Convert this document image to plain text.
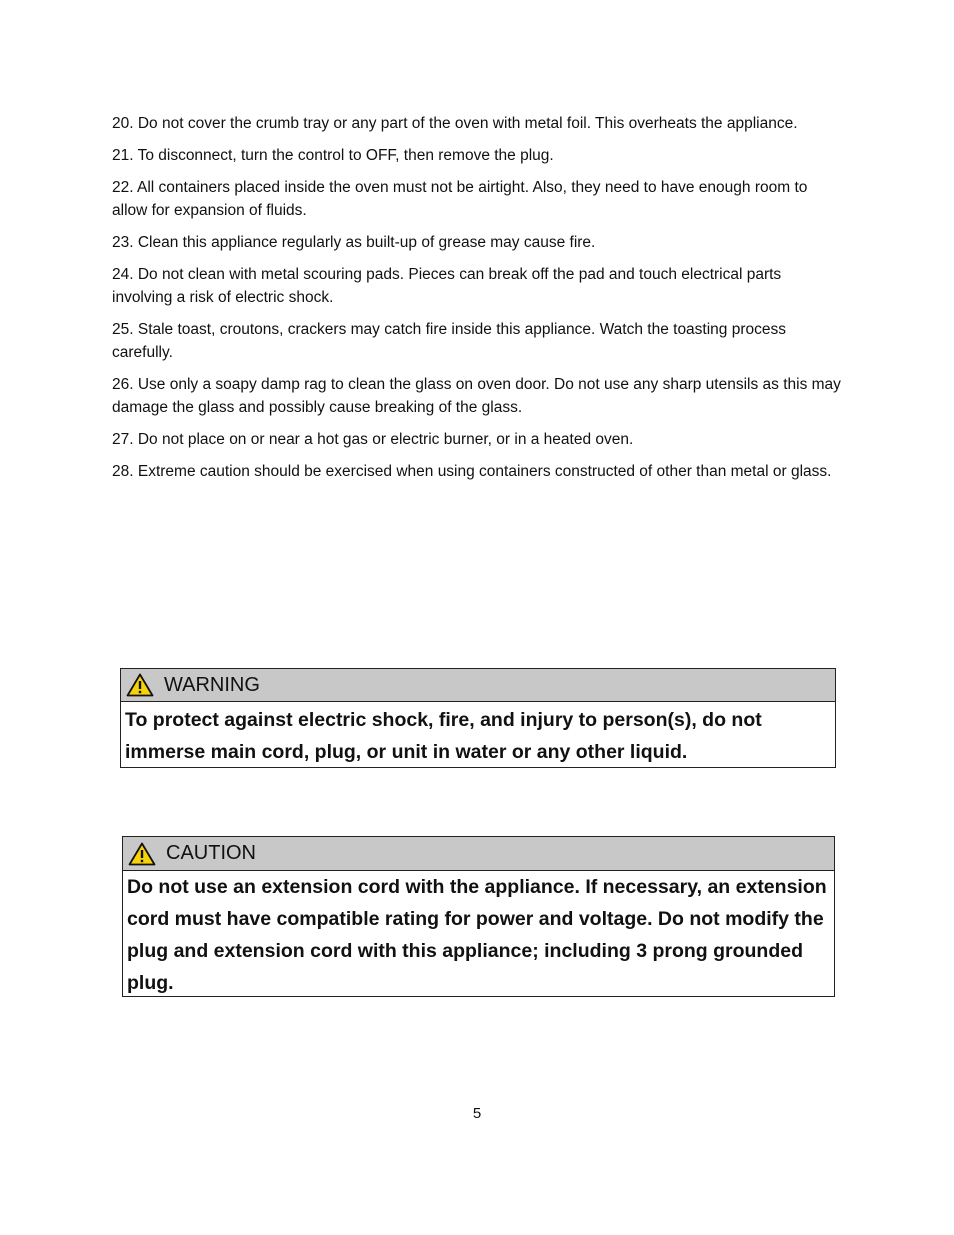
20. Do not cover the crumb tray or any part of the oven with metal foil. This overheats the appliance.

21. To disconnect, turn the control to OFF, then remove the plug.

22. All containers placed inside the oven must not be airtight. Also, they need to have enough room to allow for expansion of fluids.

23. Clean this appliance regularly as built-up of grease may cause fire.

24. Do not clean with metal scouring pads. Pieces can break off the pad and touch electrical parts involving a risk of electric shock.

25. Stale toast, croutons, crackers may catch fire inside this appliance. Watch the toasting process carefully.

26. Use only a soapy damp rag to clean the glass on oven door. Do not use any sharp utensils as this may damage the glass and possibly cause breaking of the glass.

27. Do not place on or near a hot gas or electric burner, or in a heated oven.

28. Extreme caution should be exercised when using containers constructed of other than metal or glass.

WARNING
To protect against electric shock, fire, and injury to person(s), do not immerse main cord, plug, or unit in water or any other liquid.
CAUTION
Do not use an extension cord with the appliance. If necessary, an extension cord must have compatible rating for power and voltage. Do not modify the plug and extension cord with this appliance; including 3 prong grounded plug.
5
